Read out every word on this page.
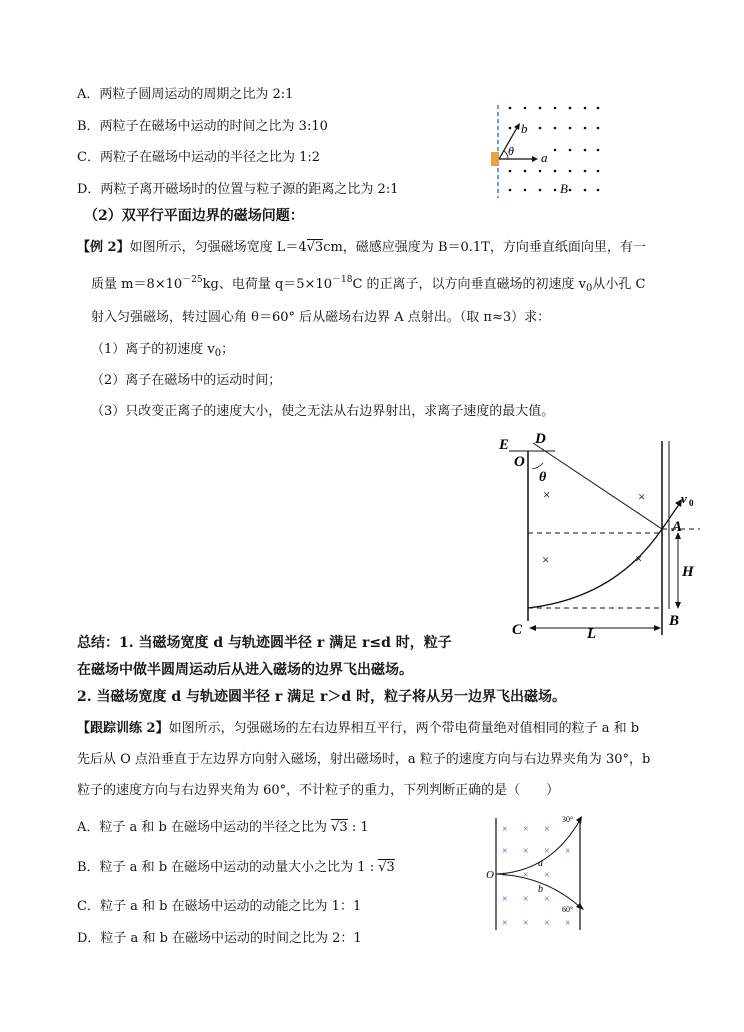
A．两粒子圆周运动的周期之比为 2:1
B．两粒子在磁场中运动的时间之比为 3:10
C．两粒子在磁场中运动的半径之比为 1:2
D．两粒子离开磁场时的位置与粒子源的距离之比为 2:1
b
a
θ
B
（2）双平行平面边界的磁场问题：
【例 2】如图所示，匀强磁场宽度 L＝4√3cm，磁感应强度为 B＝0.1T，方向垂直纸面向里，有一
质量 $m=8\times 10^{-25}kg$、电荷量 $q=5\times 10^{-18}C$ 的正离子，以方向垂直磁场的初速度 $v_0$从小孔 C
射入匀强磁场，转过圆心角 θ＝60° 后从磁场右边界 A 点射出。（取 π≈3）求：
（1）离子的初速度 $v_0$；
（2）离子在磁场中的运动时间；
（3）只改变正离子的速度大小，使之无法从右边界射出，求离子速度的最大值。
×	×
×	×
E D
O
θ
A
v 0
H
C	L
B
总结：1. 当磁场宽度 d 与轨迹圆半径 r 满足 r≤d 时，粒子
在磁场中做半圆周运动后从进入磁场的边界飞出磁场。
2. 当磁场宽度 d 与轨迹圆半径 r 满足 r＞d 时，粒子将从另一边界飞出磁场。
【跟踪训练 2】如图所示，匀强磁场的左右边界相互平行，两个带电荷量绝对值相同的粒子 a 和 b
先后从 O 点沿垂直于左边界方向射入磁场，射出磁场时，a 粒子的速度方向与右边界夹角为 30°，b
粒子的速度方向与右边界夹角为 60°，不计粒子的重力，下列判断正确的是（　　）
A．粒子 a 和 b 在磁场中运动的半径之比为 √3 : 1
B．粒子 a 和 b 在磁场中运动的动量大小之比为 1 : √3
C．粒子 a 和 b 在磁场中运动的动能之比为 1：1
D．粒子 a 和 b 在磁场中运动的时间之比为 2：1
× × ×
× × × ×
× × ×
× × ×
× × × ×
O
a
b
30°
60°
